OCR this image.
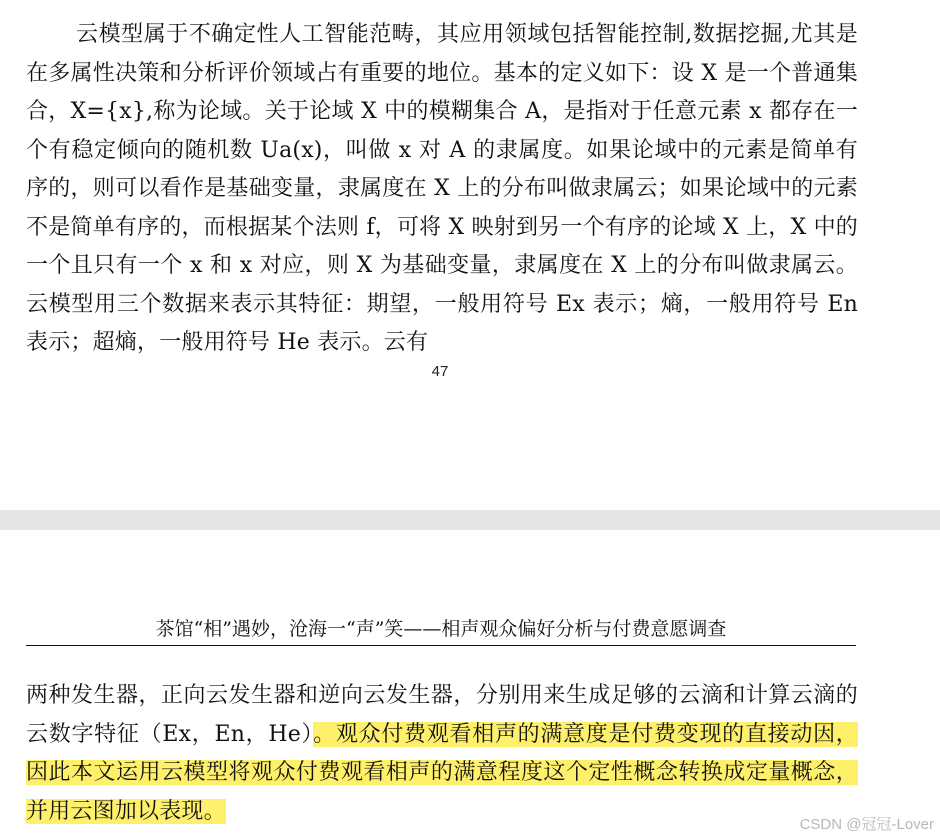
云模型属于不确定性人工智能范畴，其应用领域包括智能控制,数据挖掘,尤其是在多属性决策和分析评价领域占有重要的地位。基本的定义如下：设 X 是一个普通集合，X={x},称为论域。关于论域 X 中的模糊集合 A，是指对于任意元素 x 都存在一个有稳定倾向的随机数 Ua(x)，叫做 x 对 A 的隶属度。如果论域中的元素是简单有序的，则可以看作是基础变量，隶属度在 X 上的分布叫做隶属云；如果论域中的元素不是简单有序的，而根据某个法则 f，可将 X 映射到另一个有序的论域 X 上，X 中的一个且只有一个 x 和 x 对应，则 X 为基础变量，隶属度在 X 上的分布叫做隶属云。云模型用三个数据来表示其特征：期望，一般用符号 Ex 表示；熵，一般用符号 En 表示；超熵，一般用符号 He 表示。云有

47
茶馆“相”遇妙，沧海一“声”笑——相声观众偏好分析与付费意愿调查

两种发生器，正向云发生器和逆向云发生器，分别用来生成足够的云滴和计算云滴的云数字特征（Ex，En，He）。观众付费观看相声的满意度是付费变现的直接动因，因此本文运用云模型将观众付费观看相声的满意程度这个定性概念转换成定量概念，并用云图加以表现。

CSDN @冠冠-Lover
